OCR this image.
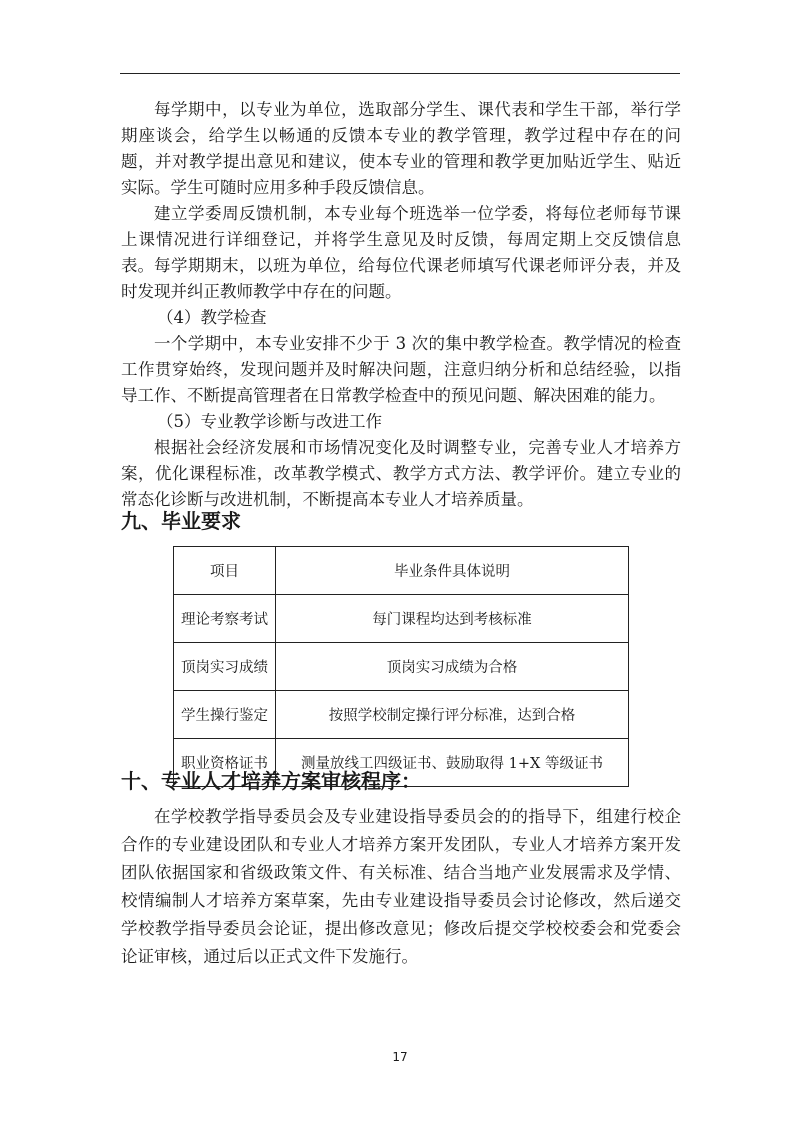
每学期中，以专业为单位，选取部分学生、课代表和学生干部，举行学期座谈会，给学生以畅通的反馈本专业的教学管理，教学过程中存在的问题，并对教学提出意见和建议，使本专业的管理和教学更加贴近学生、贴近实际。学生可随时应用多种手段反馈信息。

建立学委周反馈机制，本专业每个班选举一位学委，将每位老师每节课上课情况进行详细登记，并将学生意见及时反馈，每周定期上交反馈信息表。 每学期期末，以班为单位，给每位代课老师填写代课老师评分表，并及时发现并纠正教师教学中存在的问题。

（4）教学检查

一个学期中，本专业安排不少于 3 次的集中教学检查。教学情况的检查工作贯穿始终，发现问题并及时解决问题，注意归纳分析和总结经验，以指导工作、不断提高管理者在日常教学检查中的预见问题、解决困难的能力。

（5）专业教学诊断与改进工作

根据社会经济发展和市场情况变化及时调整专业，完善专业人才培养方案，优化课程标准，改革教学模式、教学方式方法、教学评价。建立专业的常态化诊断与改进机制，不断提高本专业人才培养质量。

九、毕业要求
项目	毕业条件具体说明
理论考察考试	每门课程均达到考核标准
顶岗实习成绩	顶岗实习成绩为合格
学生操行鉴定	按照学校制定操行评分标准，达到合格
职业资格证书	测量放线工四级证书、鼓励取得 1+X 等级证书
十、专业人才培养方案审核程序：

在学校教学指导委员会及专业建设指导委员会的的指导下，组建行校企合作的专业建设团队和专业人才培养方案开发团队，专业人才培养方案开发团队依据国家和省级政策文件、有关标准、结合当地产业发展需求及学情、校情编制人才培养方案草案，先由专业建设指导委员会讨论修改，然后递交学校教学指导委员会论证，提出修改意见；修改后提交学校校委会和党委会论证审核，通过后以正式文件下发施行。

17
